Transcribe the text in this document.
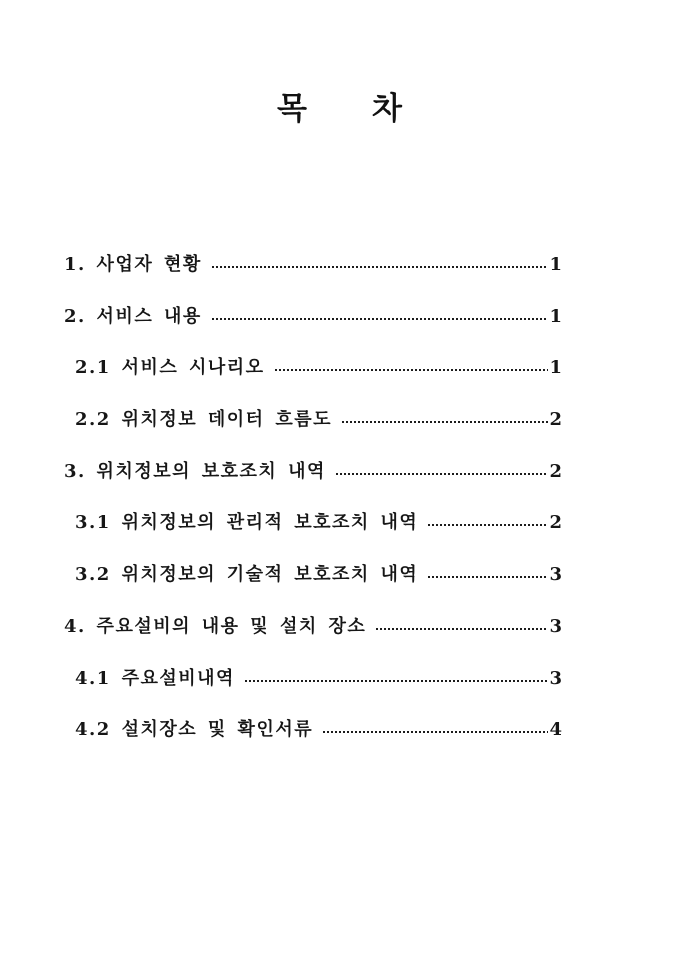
목　　차
1. 사업자 현황	1
2. 서비스 내용	1
2.1 서비스 시나리오	1
2.2 위치정보 데이터 흐름도	2
3. 위치정보의 보호조치 내역	2
3.1 위치정보의 관리적 보호조치 내역	2
3.2 위치정보의 기술적 보호조치 내역	3
4. 주요설비의 내용 및 설치 장소	3
4.1 주요설비내역	3
4.2 설치장소 및 확인서류	4
